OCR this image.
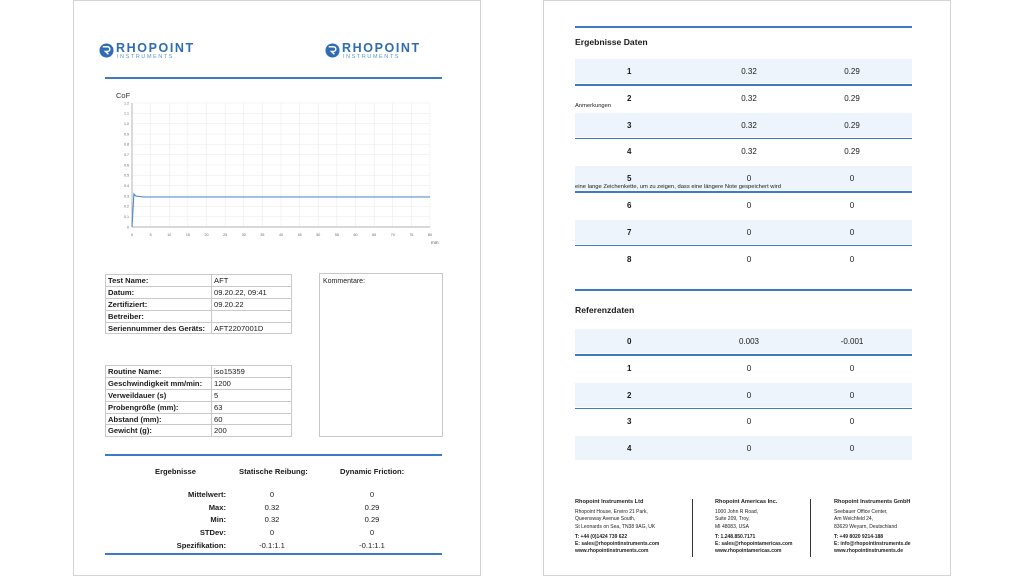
RHOPOINT
INSTRUMENTS
RHOPOINT
INSTRUMENTS
CoF
mm
0
0.1
0.2
0.3
0.4
0.5
0.6
0.7
0.8
0.9
1.0
1.1
1.2
0	5	10	15	20	25	30	35	40	45	50	55	60	65	70	75	80
Test Name:	AFT
Datum:	09.20.22, 09:41
Zertifiziert:	09.20.22
Betreiber:	
Seriennummer des Geräts:	AFT2207001D
Kommentare:
Routine Name:	iso15359
Geschwindigkeit mm/min:	1200
Verweildauer (s)	5
Probengröße (mm):	63
Abstand (mm):	60
Gewicht (g):	200
Ergebnisse	Statische Reibung:	Dynamic Friction:
Mittelwert:	0	0
Max:	0.32	0.29
Min:	0.32	0.29
STDev:	0	0
Spezifikation:	-0.1:1.1	-0.1:1.1
Ergebnisse Daten
1	0.32	0.29
2	0.32	0.29
3	0.32	0.29
4	0.32	0.29
5	0	0
6	0	0
7	0	0
8	0	0
Anmerkungen
eine lange Zeichenkette, um zu zeigen, dass eine längere Note gespeichert wird
Referenzdaten
0	0.003	-0.001
1	0	0
2	0	0
3	0	0
4	0	0
Rhopoint Instruments Ltd
Rhopoint House, Enviro 21 Park,
Queensway Avenue South,
St Leonards on Sea, TN38 9AG, UK
T: +44 (0)1424 739 622
E: sales@rhopointinstruments.com
www.rhopointinstruments.com
Rhopoint Americas Inc.
1000 John R Road,
Suite 209, Troy,
MI 48083, USA
T: 1.248.850.7171
E: sales@rhopointamericas.com
www.rhopointamericas.com
Rhopoint Instruments GmbH
Seebauer Office Center,
Am Weichfeld 24,
83629 Weyarn, Deutschland
T: +49 8020 9214-188
E: info@rhopointinstruments.de
www.rhopointinstruments.de
